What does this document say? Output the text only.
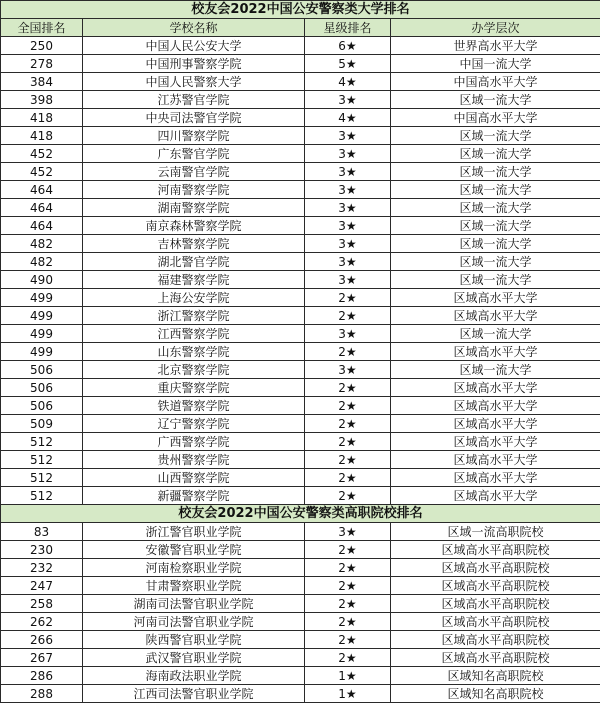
校友会2022中国公安警察类大学排名			
全国排名	学校名称	星级排名	办学层次
250	中国人民公安大学	6★	世界高水平大学
278	中国刑事警察学院	5★	中国一流大学
384	中国人民警察大学	4★	中国高水平大学
398	江苏警官学院	3★	区域一流大学
418	中央司法警官学院	4★	中国高水平大学
418	四川警察学院	3★	区域一流大学
452	广东警官学院	3★	区域一流大学
452	云南警官学院	3★	区域一流大学
464	河南警察学院	3★	区域一流大学
464	湖南警察学院	3★	区域一流大学
464	南京森林警察学院	3★	区域一流大学
482	吉林警察学院	3★	区域一流大学
482	湖北警官学院	3★	区域一流大学
490	福建警察学院	3★	区域一流大学
499	上海公安学院	2★	区域高水平大学
499	浙江警察学院	2★	区域高水平大学
499	江西警察学院	3★	区域一流大学
499	山东警察学院	2★	区域高水平大学
506	北京警察学院	3★	区域一流大学
506	重庆警察学院	2★	区域高水平大学
506	铁道警察学院	2★	区域高水平大学
509	辽宁警察学院	2★	区域高水平大学
512	广西警察学院	2★	区域高水平大学
512	贵州警察学院	2★	区域高水平大学
512	山西警察学院	2★	区域高水平大学
512	新疆警察学院	2★	区域高水平大学
校友会2022中国公安警察类高职院校排名			
83	浙江警官职业学院	3★	区域一流高职院校
230	安徽警官职业学院	2★	区域高水平高职院校
232	河南检察职业学院	2★	区域高水平高职院校
247	甘肃警察职业学院	2★	区域高水平高职院校
258	湖南司法警官职业学院	2★	区域高水平高职院校
262	河南司法警官职业学院	2★	区域高水平高职院校
266	陕西警官职业学院	2★	区域高水平高职院校
267	武汉警官职业学院	2★	区域高水平高职院校
286	海南政法职业学院	1★	区域知名高职院校
288	江西司法警官职业学院	1★	区域知名高职院校
